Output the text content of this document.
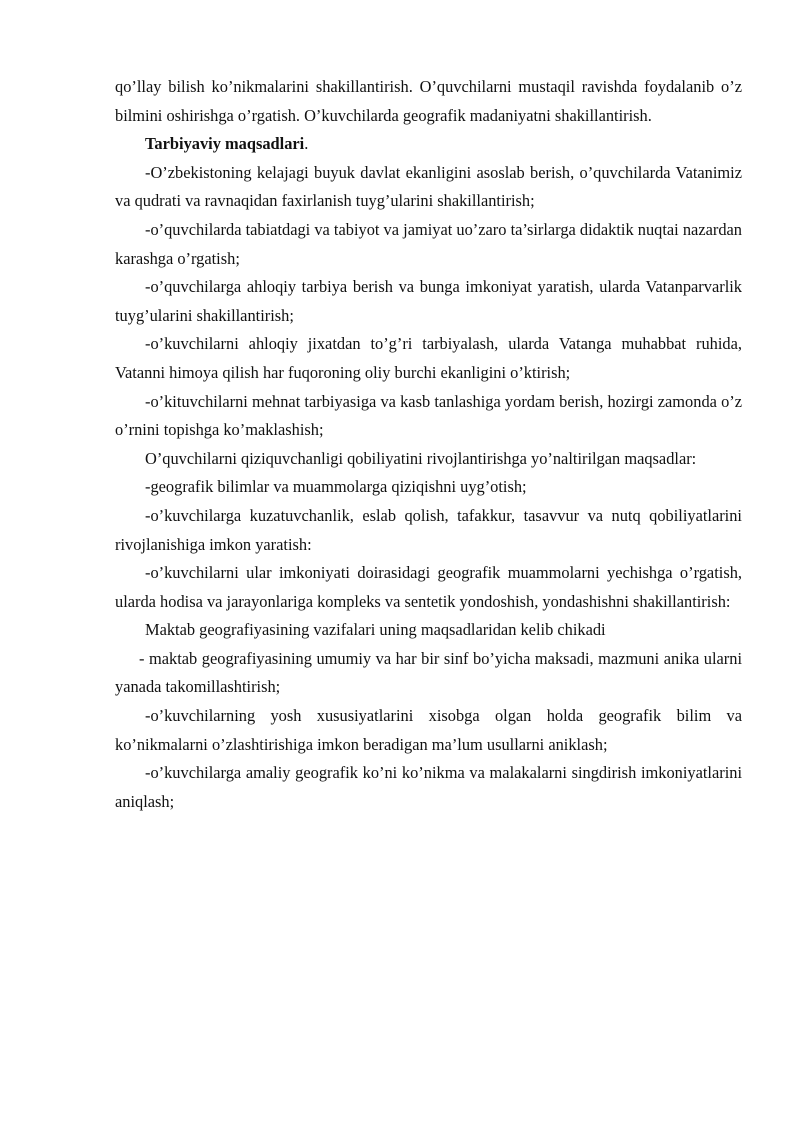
qo’llay bilish ko’nikmalarini shakillantirish. O’quvchilarni mustaqil ravishda foydalanib o’z bilmini oshirishga o’rgatish. O’kuvchilarda geografik madaniyatni shakillantirish.

Tarbiyaviy maqsadlari.

-O’zbekistoning kelajagi buyuk davlat ekanligini asoslab berish, o’quvchilarda Vatanimiz va qudrati va ravnaqidan faxirlanish tuyg’ularini shakillantirish;

-o’quvchilarda tabiatdagi va tabiyot va jamiyat uo’zaro ta’sirlarga didaktik nuqtai nazardan karashga o’rgatish;

-o’quvchilarga ahloqiy tarbiya berish va bunga imkoniyat yaratish, ularda Vatanparvarlik tuyg’ularini shakillantirish;

-o’kuvchilarni ahloqiy jixatdan to’g’ri tarbiyalash, ularda Vatanga muhabbat ruhida, Vatanni himoya qilish har fuqoroning oliy burchi ekanligini o’ktirish;

-o’kituvchilarni mehnat tarbiyasiga va kasb tanlashiga yordam berish, hozirgi zamonda o’z o’rnini topishga ko’maklashish;

O’quvchilarni qiziquvchanligi qobiliyatini rivojlantirishga yo’naltirilgan maqsadlar:

-geografik bilimlar va muammolarga qiziqishni uyg’otish;

-o’kuvchilarga kuzatuvchanlik, eslab qolish, tafakkur, tasavvur va nutq qobiliyatlarini rivojlanishiga imkon yaratish:

-o’kuvchilarni ular imkoniyati doirasidagi geografik muammolarni yechishga o’rgatish, ularda hodisa va jarayonlariga kompleks va sentetik yondoshish, yondashishni shakillantirish:

Maktab geografiyasining vazifalari uning maqsadlaridan kelib chikadi

- maktab geografiyasining umumiy va har bir sinf bo’yicha maksadi, mazmuni anika ularni yanada takomillashtirish;

-o’kuvchilarning yosh xususiyatlarini xisobga olgan holda geografik bilim va ko’nikmalarni o’zlashtirishiga imkon beradigan ma’lum usullarni aniklash;

-o’kuvchilarga amaliy geografik ko’ni ko’nikma va malakalarni singdirish imkoniyatlarini aniqlash;
